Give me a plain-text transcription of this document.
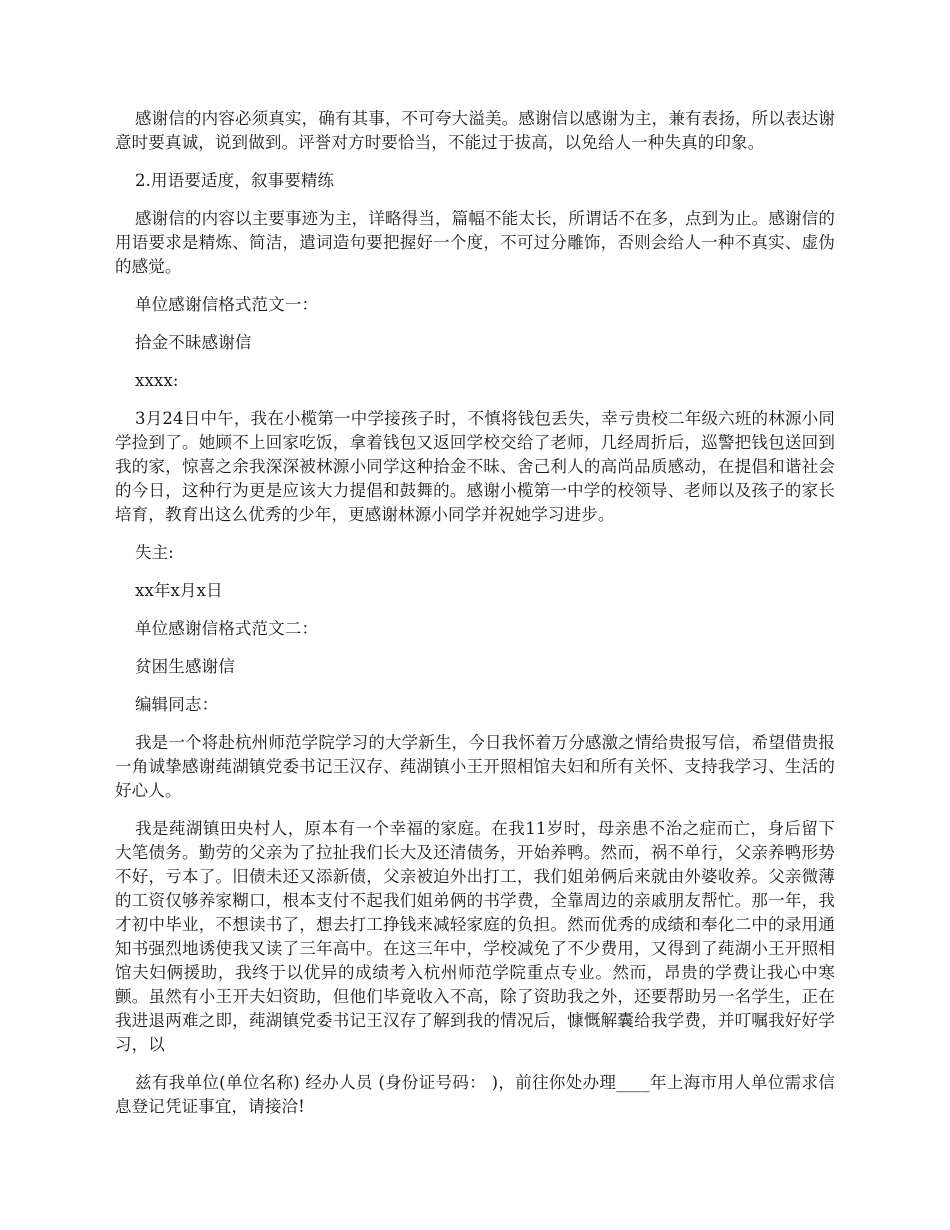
感谢信的内容必须真实，确有其事，不可夸大溢美。感谢信以感谢为主，兼有表扬，所以表达谢意时要真诚，说到做到。评誉对方时要恰当，不能过于拔高，以免给人一种失真的印象。

2.用语要适度，叙事要精练

感谢信的内容以主要事迹为主，详略得当，篇幅不能太长，所谓话不在多，点到为止。感谢信的用语要求是精炼、简洁，遣词造句要把握好一个度，不可过分雕饰，否则会给人一种不真实、虚伪的感觉。

单位感谢信格式范文一：

拾金不昧感谢信

xxxx:

3月24日中午，我在小榄第一中学接孩子时，不慎将钱包丢失，幸亏贵校二年级六班的林源小同学捡到了。她顾不上回家吃饭，拿着钱包又返回学校交给了老师，几经周折后，巡警把钱包送回到我的家，惊喜之余我深深被林源小同学这种拾金不昧、舍己利人的高尚品质感动，在提倡和谐社会的今日，这种行为更是应该大力提倡和鼓舞的。感谢小榄第一中学的校领导、老师以及孩子的家长培育，教育出这么优秀的少年，更感谢林源小同学并祝她学习进步。

失主:

xx年x月x日

单位感谢信格式范文二：

贫困生感谢信

编辑同志：

我是一个将赴杭州师范学院学习的大学新生，今日我怀着万分感激之情给贵报写信，希望借贵报一角诚挚感谢莼湖镇党委书记王汉存、莼湖镇小王开照相馆夫妇和所有关怀、支持我学习、生活的好心人。

我是莼湖镇田央村人，原本有一个幸福的家庭。在我11岁时，母亲患不治之症而亡，身后留下大笔债务。勤劳的父亲为了拉扯我们长大及还清债务，开始养鸭。然而，祸不单行，父亲养鸭形势不好，亏本了。旧债未还又添新债，父亲被迫外出打工，我们姐弟俩后来就由外婆收养。父亲微薄的工资仅够养家糊口，根本支付不起我们姐弟俩的书学费，全靠周边的亲戚朋友帮忙。那一年，我才初中毕业，不想读书了，想去打工挣钱来减轻家庭的负担。然而优秀的成绩和奉化二中的录用通知书强烈地诱使我又读了三年高中。在这三年中，学校减免了不少费用，又得到了莼湖小王开照相馆夫妇俩援助，我终于以优异的成绩考入杭州师范学院重点专业。然而，昂贵的学费让我心中寒颤。虽然有小王开夫妇资助，但他们毕竟收入不高，除了资助我之外，还要帮助另一名学生，正在我进退两难之即，莼湖镇党委书记王汉存了解到我的情况后，慷慨解囊给我学费，并叮嘱我好好学习，以

兹有我单位(单位名称) 经办人员 (身份证号码： )，前往你处办理____年上海市用人单位需求信息登记凭证事宜，请接洽!
